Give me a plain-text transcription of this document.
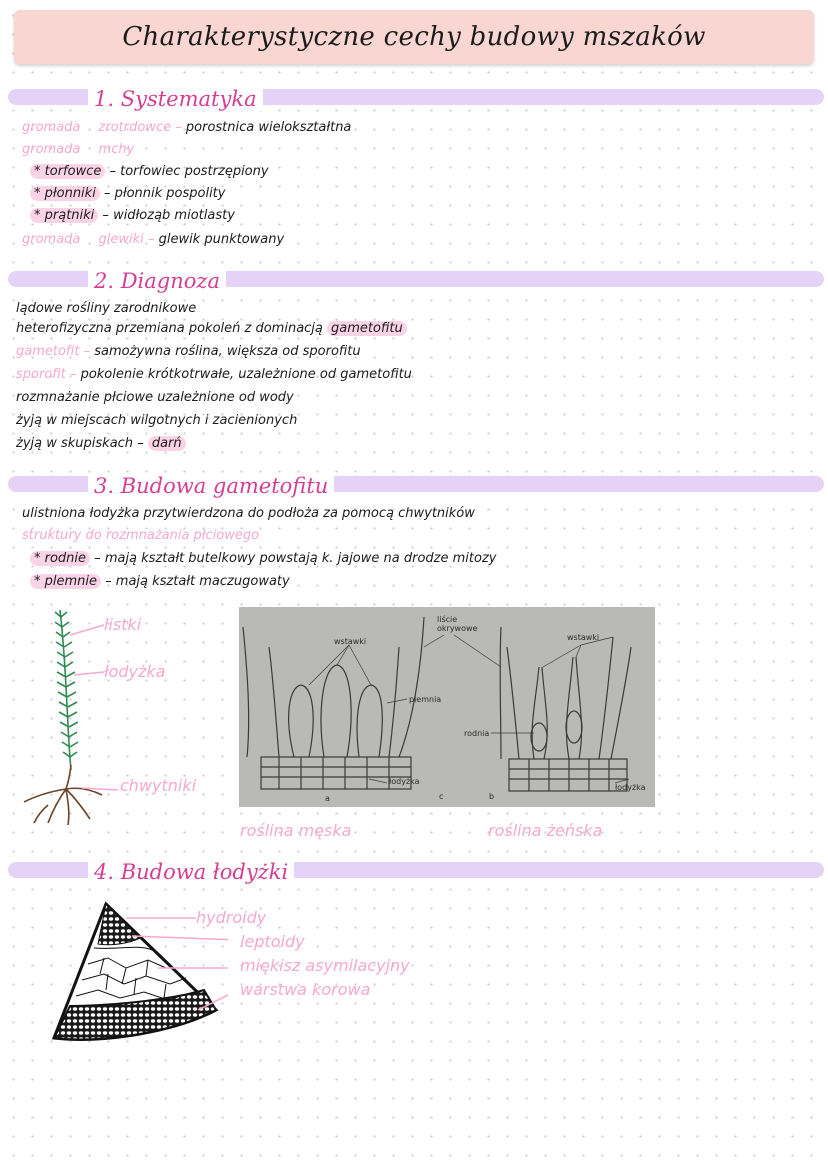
Charakterystyczne cechy budowy mszaków
1. Systematyka
gromada zrotrdowce – porostnica wielokształtna
gromada mchy
* torfowce – torfowiec postrzępiony
* płonniki – płonnik pospolity
* prątniki – widłoząb miotlasty
gromada glewiki – glewik punktowany
2. Diagnoza
lądowe rośliny zarodnikowe
heterofizyczna przemiana pokoleń z dominacją gametofitu
gametofit – samożywna roślina, większa od sporofitu
sporofit – pokolenie krótkotrwałe, uzależnione od gametofitu
rozmnażanie płciowe uzależnione od wody
żyją w miejscach wilgotnych i zacienionych
żyją w skupiskach – darń
3. Budowa gametofitu
ulistniona łodyżka przytwierdzona do podłoża za pomocą chwytników
struktury do rozmnażania płciowego
* rodnie – mają kształt butelkowy powstają k. jajowe na drodze mitozy
* plemnie – mają kształt maczugowaty
listki
łodyżka
chwytniki
wstawki
liście okrywowe
wstawki
plemnia
rodnia
łodyżka
łodyżka
a	c	b
roślina męska	roślina żeńska
4. Budowa łodyżki
hydroidy
leptoidy
miękisz asymilacyjny
warstwa korowa
